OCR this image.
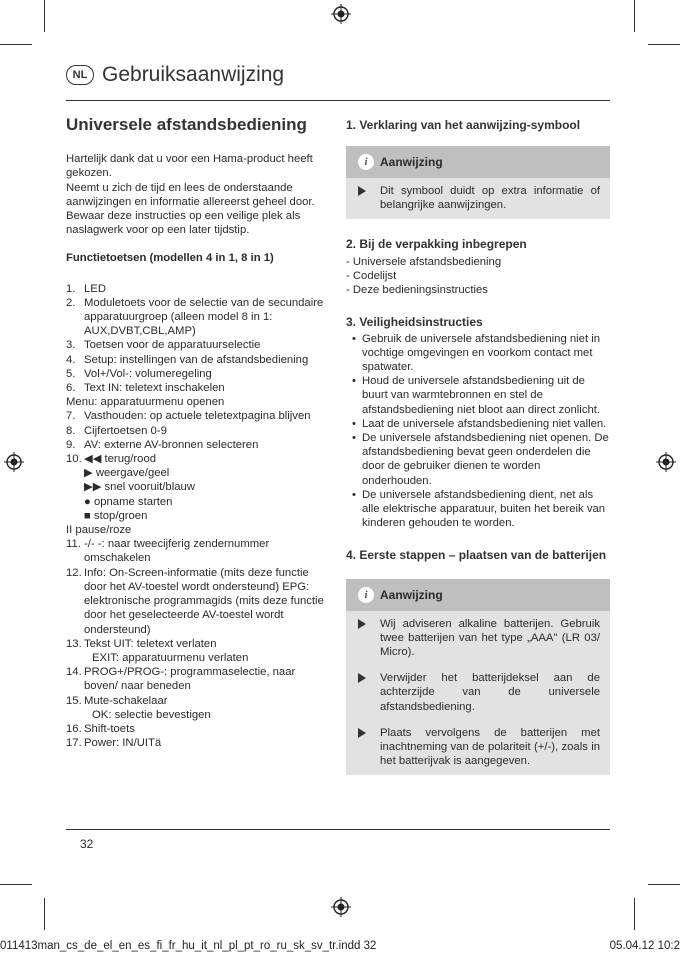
NL Gebruiksaanwijzing
Universele afstandsbediening

Hartelijk dank dat u voor een Hama-product heeft gekozen.

Neemt u zich de tijd en lees de onderstaande aanwijzingen en informatie allereerst geheel door. Bewaar deze instructies op een veilige plek als naslagwerk voor op een later tijdstip.

Functietoetsen (modellen 4 in 1, 8 in 1)
1. LED
2. Moduletoets voor de selectie van de secundaire apparatuurgroep (alleen model 8 in 1: AUX,DVBT,CBL,AMP)
3. Toetsen voor de apparatuurselectie
4. Setup: instellingen van de afstandsbediening
5. Vol+/Vol-: volumeregeling
6. Text IN: teletext inschakelen
Menu: apparatuurmenu openen
7. Vasthouden: op actuele teletextpagina blijven
8. Cijfertoetsen 0-9
9. AV: externe AV-bronnen selecteren
10. ◀◀ terug/rood
▶ weergave/geel
▶▶ snel vooruit/blauw
● opname starten
■ stop/groen
II pause/roze
11. -/- -: naar tweecijferig zendernummer omschakelen
12. Info: On-Screen-informatie (mits deze functie door het AV-toestel wordt ondersteund) EPG: elektronische programmagids (mits deze functie door het geselecteerde AV-toestel wordt ondersteund)
13. Tekst UIT: teletext verlaten
EXIT: apparatuurmenu verlaten
14. PROG+/PROG-: programmaselectie, naar boven/ naar beneden
15. Mute-schakelaar
OK: selectie bevestigen
16. Shift-toets
17. Power: IN/UITä
1. Verklaring van het aanwijzing-symbool
i	Aanwijzing
Dit symbool duidt op extra informatie of belangrijke aanwijzingen.
2. Bij de verpakking inbegrepen
- Universele afstandsbediening
- Codelijst
- Deze bedieningsinstructies
3. Veiligheidsinstructies
• Gebruik de universele afstandsbediening niet in vochtige omgevingen en voorkom contact met spatwater.
• Houd de universele afstandsbediening uit de buurt van warmtebronnen en stel de afstandsbediening niet bloot aan direct zonlicht.
• Laat de universele afstandsbediening niet vallen.
• De universele afstandsbediening niet openen. De afstandsbediening bevat geen onderdelen die door de gebruiker dienen te worden onderhouden.
• De universele afstandsbediening dient, net als alle elektrische apparatuur, buiten het bereik van kinderen gehouden te worden.
4. Eerste stappen – plaatsen van de batterijen
i	Aanwijzing
Wij adviseren alkaline batterijen. Gebruik twee batterijen van het type „AAA" (LR 03/ Micro).
Verwijder het batterijdeksel aan de achterzijde van de universele afstandsbediening.
Plaats vervolgens de batterijen met inachtneming van de polariteit (+/-), zoals in het batterijvak is aangegeven.
32
011413man_cs_de_el_en_es_fi_fr_hu_it_nl_pl_pt_ro_ru_sk_sv_tr.indd 32	05.04.12 10:2
